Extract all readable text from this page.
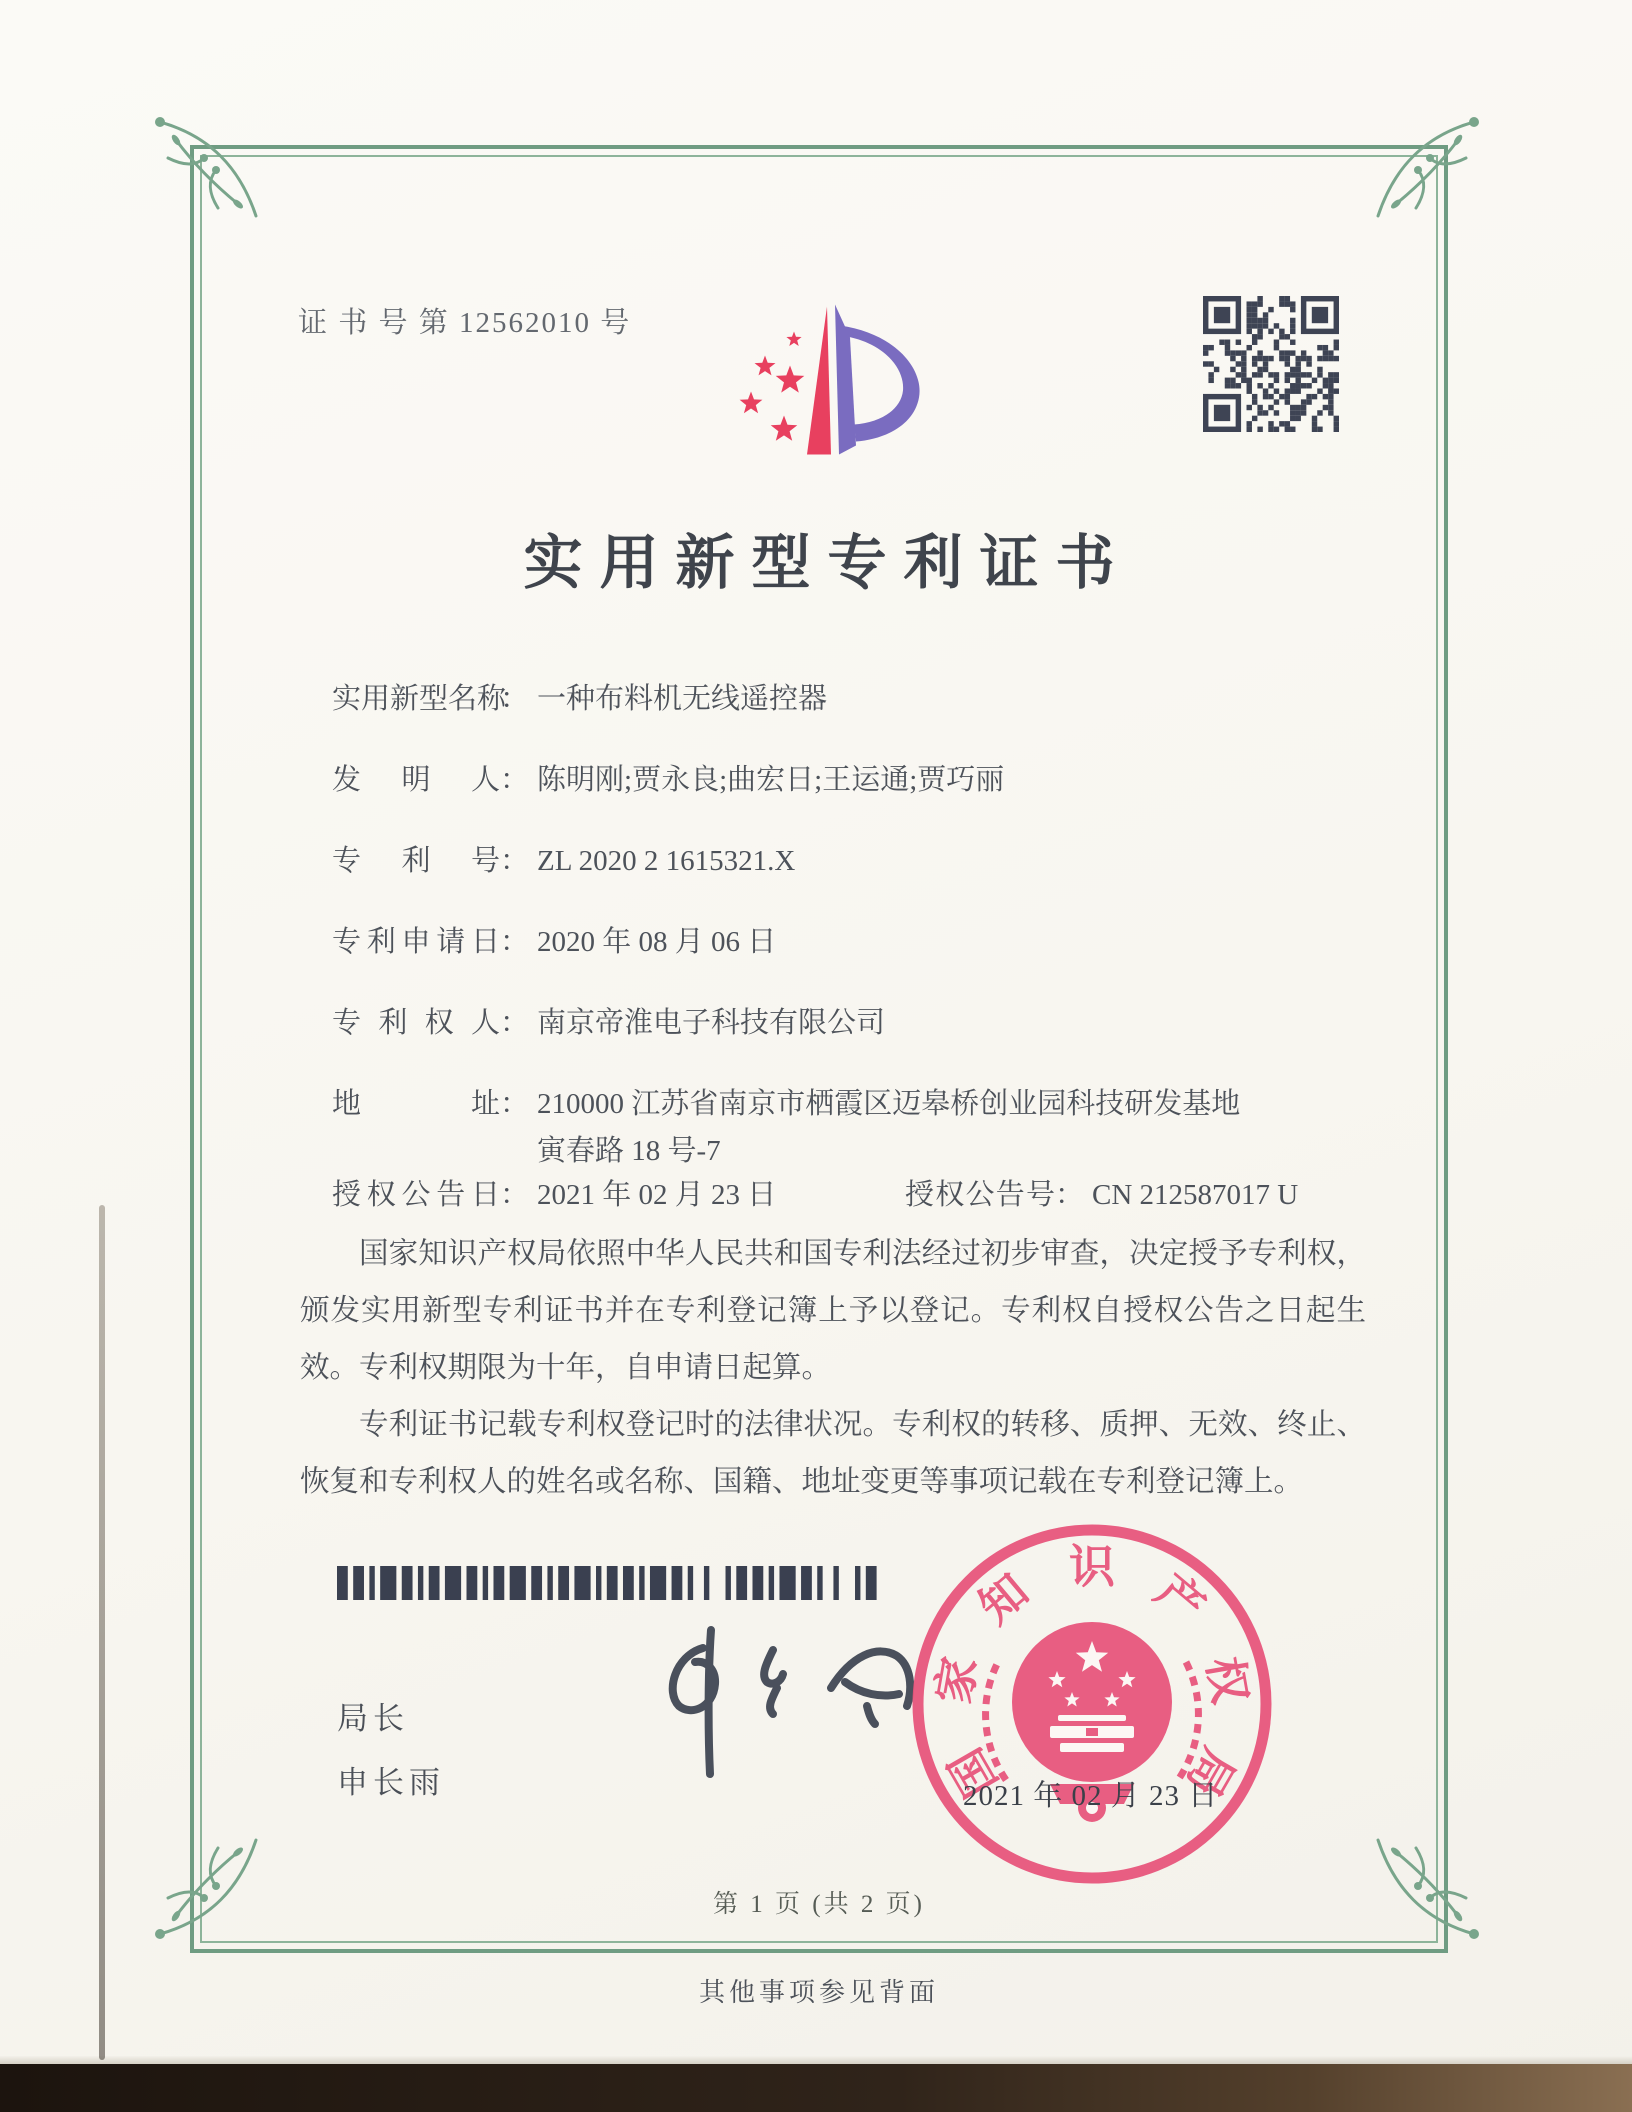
证 书 号 第 12562010 号
实用新型专利证书
实用新型名称： 一种布料机无线遥控器
发明人： 陈明刚;贾永良;曲宏日;王运通;贾巧丽
专利号： ZL 2020 2 1615321.X
专利申请日： 2020 年 08 月 06 日
专利权人： 南京帝淮电子科技有限公司
地址： 210000 江苏省南京市栖霞区迈皋桥创业园科技研发基地
寅春路 18 号-7
授权公告日： 2021 年 02 月 23 日	授权公告号： CN 212587017 U

国家知识产权局依照中华人民共和国专利法经过初步审查，决定授予专利权，颁发实用新型专利证书并在专利登记簿上予以登记。专利权自授权公告之日起生效。专利权期限为十年，自申请日起算。

专利证书记载专利权登记时的法律状况。专利权的转移、质押、无效、终止、恢复和专利权人的姓名或名称、国籍、地址变更等事项记载在专利登记簿上。

局长
申长雨	国
家
知 识 产
权
局
2021 年 02 月 23 日
第 1 页 (共 2 页)
其他事项参见背面
